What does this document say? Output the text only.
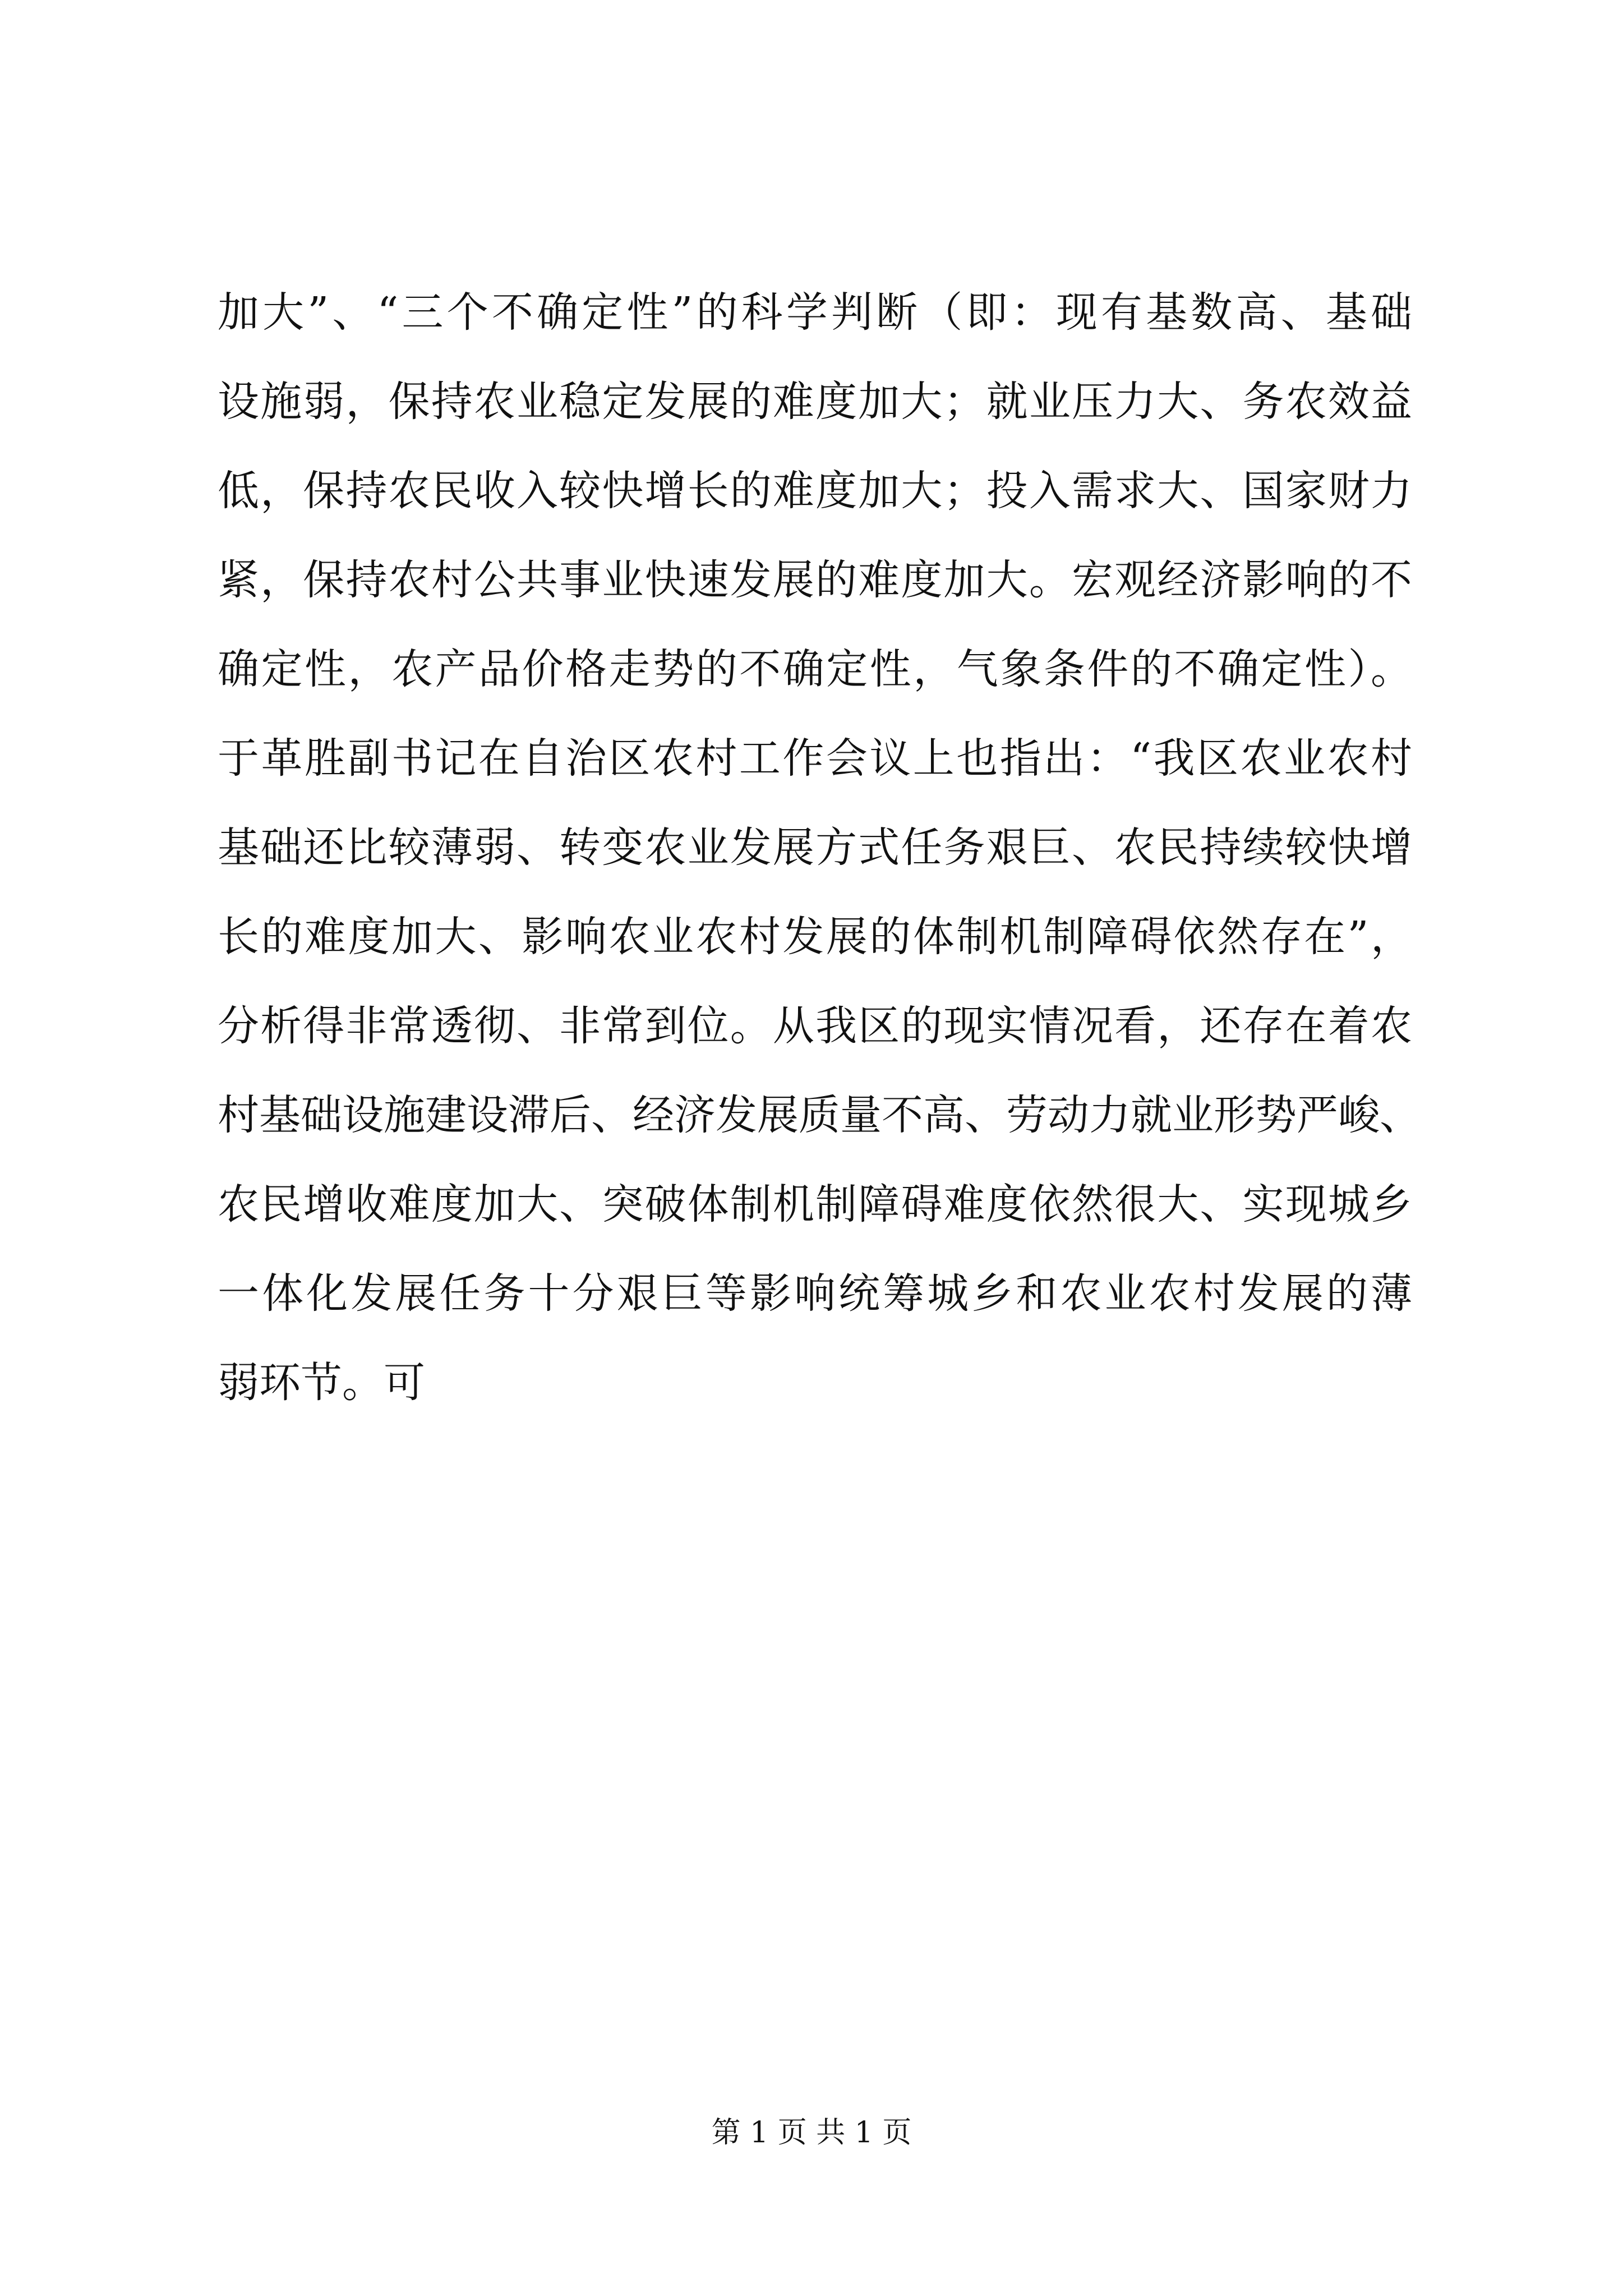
加大”、“三个不确定性”的科学判断（即：现有基数高、基础
设施弱，保持农业稳定发展的难度加大；就业压力大、务农效益
低，保持农民收入较快增长的难度加大；投入需求大、国家财力
紧，保持农村公共事业快速发展的难度加大。宏观经济影响的不
确定性，农产品价格走势的不确定性，气象条件的不确定性）。
于革胜副书记在自治区农村工作会议上也指出：“我区农业农村
基础还比较薄弱、转变农业发展方式任务艰巨、农民持续较快增
长的难度加大、影响农业农村发展的体制机制障碍依然存在”，
分析得非常透彻、非常到位。从我区的现实情况看，还存在着农
村基础设施建设滞后、经济发展质量不高、劳动力就业形势严峻、
农民增收难度加大、突破体制机制障碍难度依然很大、实现城乡
一体化发展任务十分艰巨等影响统筹城乡和农业农村发展的薄
弱环节。可
第 1 页 共 1 页
